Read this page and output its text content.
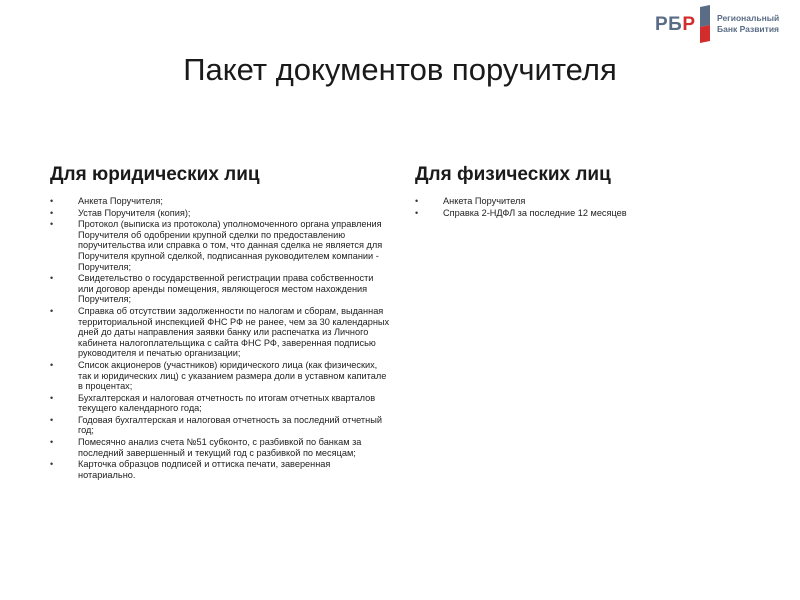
РБР	Региональный
Банк Развития
Пакет документов поручителя
Для юридических лиц
• Анкета Поручителя;
• Устав Поручителя (копия);
• Протокол (выписка из протокола) уполномоченного органа управления Поручителя об одобрении крупной сделки по предоставлению поручительства или справка о том, что данная сделка не является для Поручителя крупной сделкой, подписанная руководителем компании - Поручителя;
• Свидетельство о государственной регистрации права собственности или договор аренды помещения, являющегося местом нахождения Поручителя;
• Справка об отсутствии задолженности по налогам и сборам, выданная территориальной инспекцией ФНС РФ не ранее, чем за 30 календарных дней до даты направления заявки банку или распечатка из Личного кабинета налогоплательщика с сайта ФНС РФ, заверенная подписью руководителя и печатью организации;
• Список акционеров (участников) юридического лица (как физических, так и юридических лиц) с указанием размера доли в уставном капитале в процентах;
• Бухгалтерская и налоговая отчетность по итогам отчетных кварталов текущего календарного года;
• Годовая бухгалтерская и налоговая отчетность за последний отчетный год;
• Помесячно анализ счета №51 субконто, с разбивкой по банкам за последний завершенный и текущий год с разбивкой по месяцам;
• Карточка образцов подписей и оттиска печати, заверенная нотариально.
Для физических лиц
• Анкета Поручителя
• Справка 2-НДФЛ за последние 12 месяцев
